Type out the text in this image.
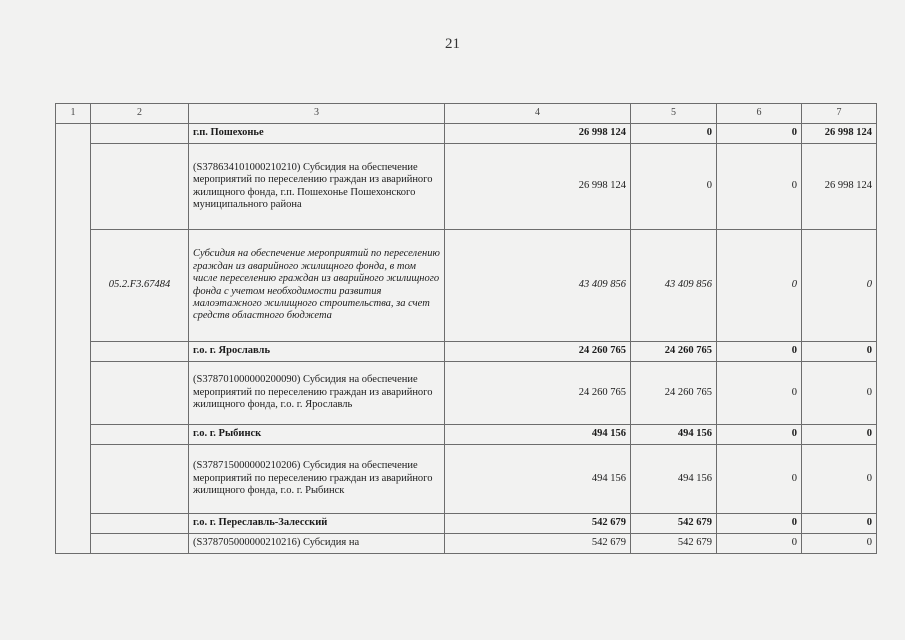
21
1	2	3	4	5	6	7
		г.п. Пошехонье	26 998 124	0	0	26 998 124
		(S378634101000210210) Субсидия на обеспечение мероприятий по переселению граждан из аварийного жилищного фонда, г.п. Пошехонье Пошехонского муниципального района	26 998 124	0	0	26 998 124
	05.2.F3.67484	Субсидия на обеспечение мероприятий по переселению граждан из аварийного жилищного фонда, в том числе переселению граждан из аварийного жилищного фонда с учетом необходимости развития малоэтажного жилищного строительства, за счет средств областного бюджета	43 409 856	43 409 856	0	0
		г.о. г. Ярославль	24 260 765	24 260 765	0	0
		(S378701000000200090) Субсидия на обеспечение мероприятий по переселению граждан из аварийного жилищного фонда, г.о. г. Ярославль	24 260 765	24 260 765	0	0
		г.о. г. Рыбинск	494 156	494 156	0	0
		(S378715000000210206) Субсидия на обеспечение мероприятий по переселению граждан из аварийного жилищного фонда, г.о. г. Рыбинск	494 156	494 156	0	0
		г.о. г. Переславль-Залесский	542 679	542 679	0	0
		(S378705000000210216) Субсидия на	542 679	542 679	0	0
